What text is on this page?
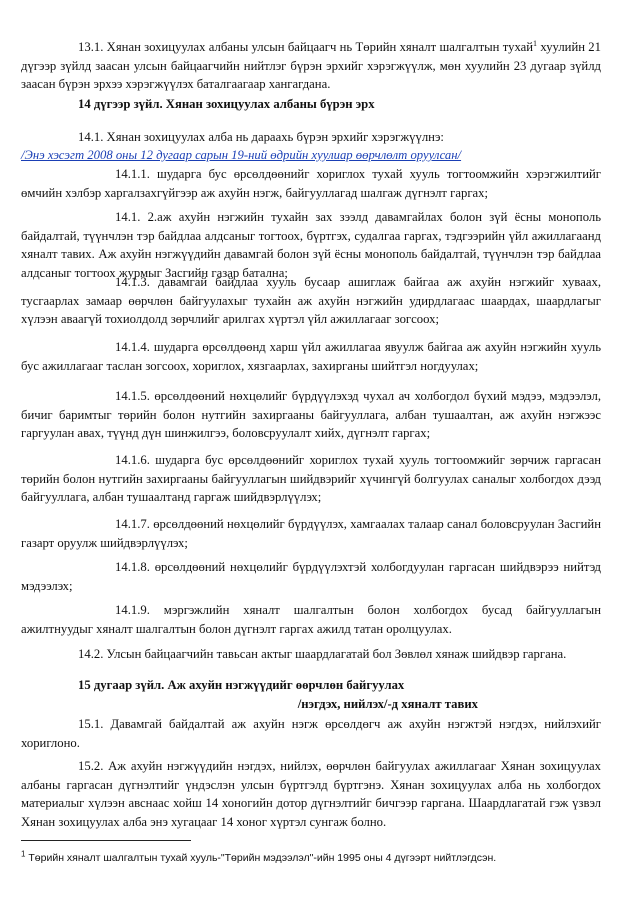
13.1. Хянан зохицуулах албаны улсын байцаагч нь Төрийн хяналт шалгалтын тухай$^1$ хуулийн 21 дүгээр зүйлд заасан улсын байцаагчийн нийтлэг бүрэн эрхийг хэрэгжүүлж, мөн хуулийн 23 дугаар зүйлд заасан бүрэн эрхээ хэрэгжүүлэх баталгаагаар хангагдана.

14 дүгээр зүйл. Хянан зохицуулах албаны бүрэн эрх

14.1. Хянан зохицуулах алба нь дараахь бүрэн эрхийг хэрэгжүүлнэ:

/Энэ хэсэгт 2008 оны 12 дугаар сарын 19-ний өдрийн хуулиар өөрчлөлт оруулсан/

14.1.1. шударга бус өрсөлдөөнийг хориглох тухай хууль тогтоомжийн хэрэгжилтийг өмчийн хэлбэр харгалзахгүйгээр аж ахуйн нэгж, байгууллагад шалгаж дүгнэлт гаргах;

14.1. 2.аж ахуйн нэгжийн тухайн зах зээлд давамгайлах болон зүй ёсны монополь байдалтай, түүнчлэн тэр байдлаа алдсаныг тогтоох, бүртгэх, судалгаа гаргах, тэдгээрийн үйл ажиллагаанд хяналт тавих. Аж ахуйн нэгжүүдийн давамгай болон зүй ёсны монополь байдалтай, түүнчлэн тэр байдлаа алдсаныг тогтоох журмыг Засгийн газар батална;

14.1.3. давамгай байдлаа хууль бусаар ашиглаж байгаа аж ахуйн нэгжийг хуваах, тусгаарлах замаар өөрчлөн байгуулахыг тухайн аж ахуйн нэгжийн удирдлагаас шаардах, шаардлагыг хүлээн аваагүй тохиолдолд зөрчлийг арилгах хүртэл үйл ажиллагааг зогсоох;

14.1.4. шударга өрсөлдөөнд харш үйл ажиллагаа явуулж байгаа аж ахуйн нэгжийн хууль бус ажиллагааг таслан зогсоох, хориглох, хязгаарлах, захирганы шийтгэл ногдуулах;

14.1.5. өрсөлдөөний нөхцөлийг бүрдүүлэхэд чухал ач холбогдол бүхий мэдээ, мэдээлэл, бичиг баримтыг төрийн болон нутгийн захиргааны байгууллага, албан тушаалтан, аж ахуйн нэгжээс гаргуулан авах, түүнд дүн шинжилгээ, боловсруулалт хийх, дүгнэлт гаргах;

14.1.6. шударга бус өрсөлдөөнийг хориглох тухай хууль тогтоомжийг зөрчиж гаргасан төрийн болон нутгийн захиргааны байгууллагын шийдвэрийг хүчингүй болгуулах саналыг холбогдох дээд байгууллага, албан тушаалтанд гаргаж шийдвэрлүүлэх;

14.1.7. өрсөлдөөний нөхцөлийг бүрдүүлэх, хамгаалах талаар санал боловсруулан Засгийн газарт оруулж шийдвэрлүүлэх;

14.1.8. өрсөлдөөний нөхцөлийг бүрдүүлэхтэй холбогдуулан гаргасан шийдвэрээ нийтэд мэдээлэх;

14.1.9. мэргэжлийн хяналт шалгалтын болон холбогдох бусад байгууллагын ажилтнуудыг хяналт шалгалтын болон дүгнэлт гаргах ажилд татан оролцуулах.

14.2. Улсын байцаагчийн тавьсан актыг шаардлагатай бол Зөвлөл хянаж шийдвэр гаргана.

15 дугаар зүйл. Аж ахуйн нэгжүүдийг өөрчлөн байгуулах
/нэгдэх, нийлэх/-д хяналт тавих

15.1. Давамгай байдалтай аж ахуйн нэгж өрсөлдөгч аж ахуйн нэгжтэй нэгдэх, нийлэхийг хориглоно.

$^1$ Төрийн хяналт шалгалтын тухай хууль-"Төрийн мэдээлэл"-ийн 1995 оны 4 дүгээрт нийтлэгдсэн.

15.2. Аж ахуйн нэгжүүдийн нэгдэх, нийлэх, өөрчлөн байгуулах ажиллагааг Хянан зохицуулах албаны гаргасан дүгнэлтийг үндэслэн улсын бүртгэлд бүртгэнэ. Хянан зохицуулах алба нь холбогдох материалыг хүлээн авснаас хойш 14 хоногийн дотор дүгнэлтийг бичгээр гаргана. Шаардлагатай гэж үзвэл Хянан зохицуулах алба энэ хугацааг 14 хоног хүртэл сунгаж болно.
